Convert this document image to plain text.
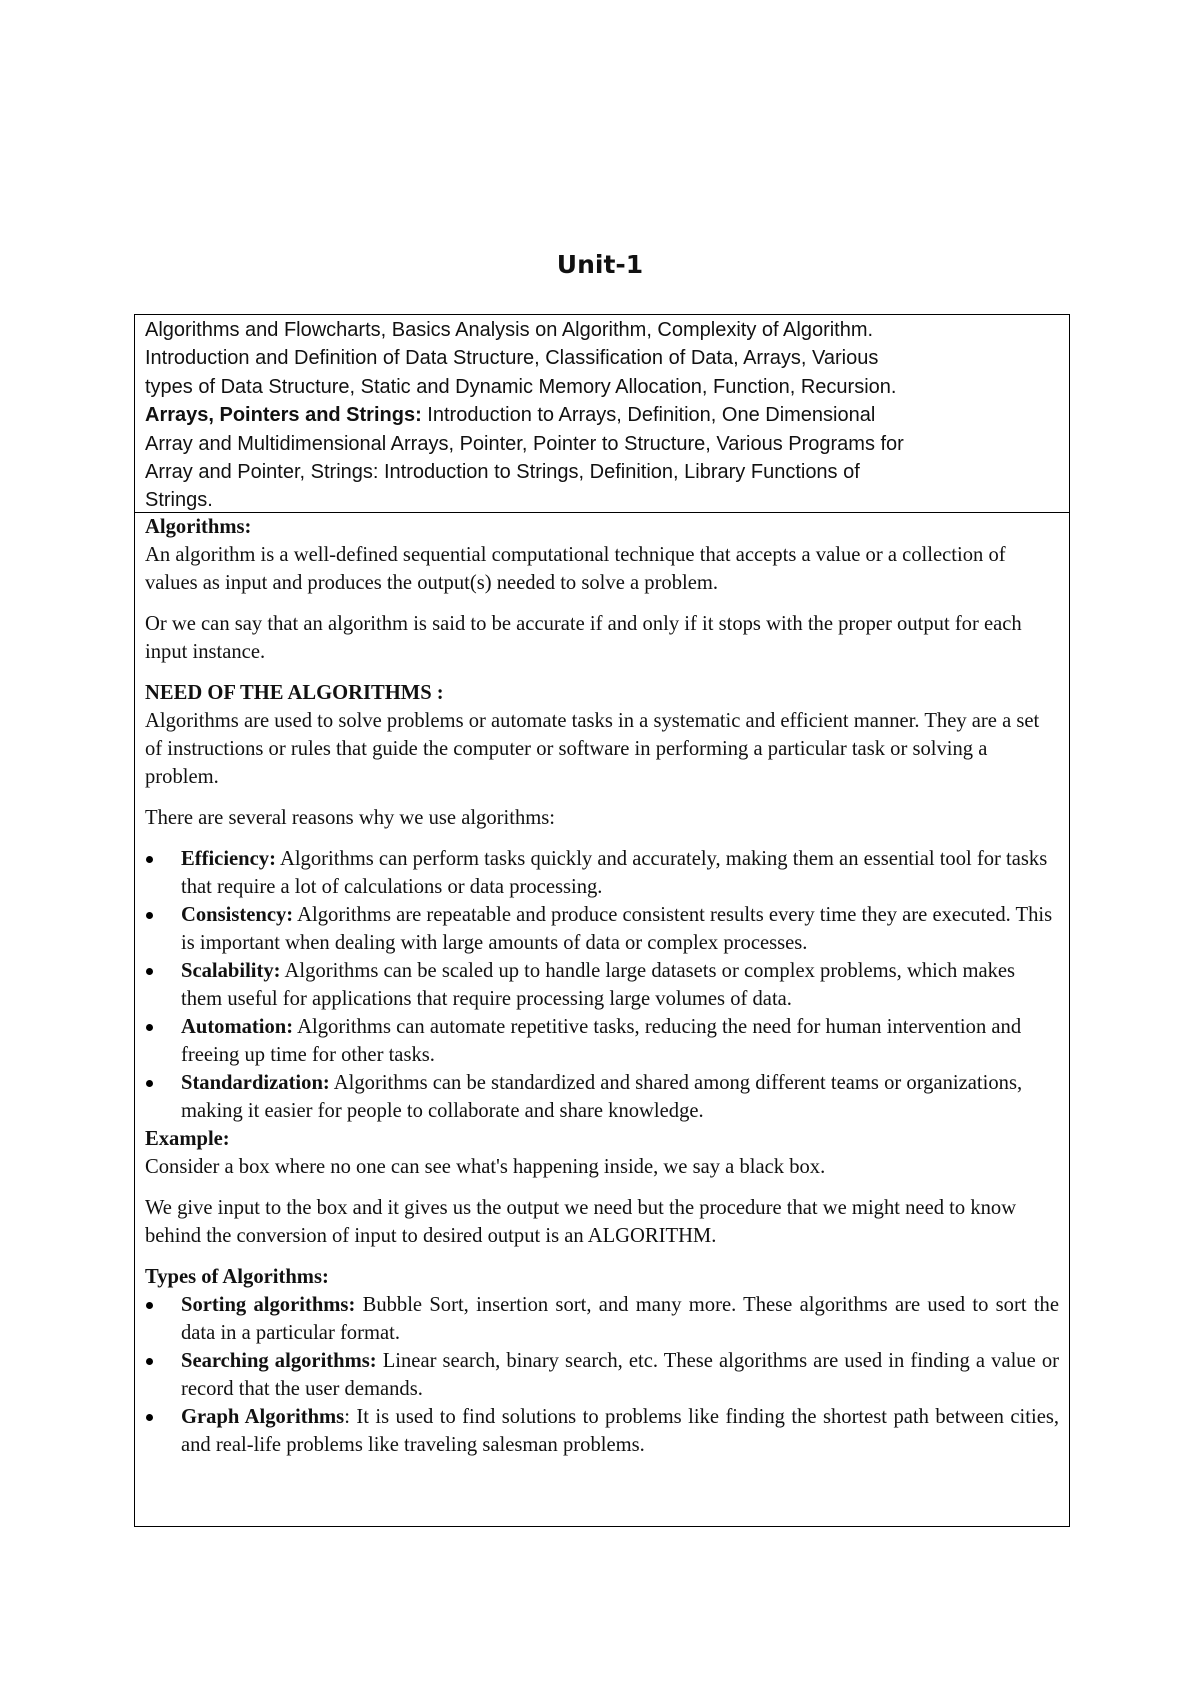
Unit-1
Algorithms and Flowcharts, Basics Analysis on Algorithm, Complexity of Algorithm.
Introduction and Definition of Data Structure, Classification of Data, Arrays, Various
types of Data Structure, Static and Dynamic Memory Allocation, Function, Recursion.
Arrays, Pointers and Strings: Introduction to Arrays, Definition, One Dimensional
Array and Multidimensional Arrays, Pointer, Pointer to Structure, Various Programs for
Array and Pointer, Strings: Introduction to Strings, Definition, Library Functions of
Strings.

Algorithms:

An algorithm is a well-defined sequential computational technique that accepts a value or a collection of values as input and produces the output(s) needed to solve a problem.

Or we can say that an algorithm is said to be accurate if and only if it stops with the proper output for each input instance.

NEED OF THE ALGORITHMS :

Algorithms are used to solve problems or automate tasks in a systematic and efficient manner. They are a set of instructions or rules that guide the computer or software in performing a particular task or solving a problem.

There are several reasons why we use algorithms:

Efficiency: Algorithms can perform tasks quickly and accurately, making them an essential tool for tasks that require a lot of calculations or data processing.
Consistency: Algorithms are repeatable and produce consistent results every time they are executed. This is important when dealing with large amounts of data or complex processes.
Scalability: Algorithms can be scaled up to handle large datasets or complex problems, which makes them useful for applications that require processing large volumes of data.
Automation: Algorithms can automate repetitive tasks, reducing the need for human intervention and freeing up time for other tasks.
Standardization: Algorithms can be standardized and shared among different teams or organizations, making it easier for people to collaborate and share knowledge.

Example:

Consider a box where no one can see what's happening inside, we say a black box.

We give input to the box and it gives us the output we need but the procedure that we might need to know behind the conversion of input to desired output is an ALGORITHM.

Types of Algorithms:

Sorting algorithms: Bubble Sort, insertion sort, and many more. These algorithms are used to sort the data in a particular format.
Searching algorithms: Linear search, binary search, etc. These algorithms are used in finding a value or record that the user demands.
Graph Algorithms: It is used to find solutions to problems like finding the shortest path between cities, and real-life problems like traveling salesman problems.
